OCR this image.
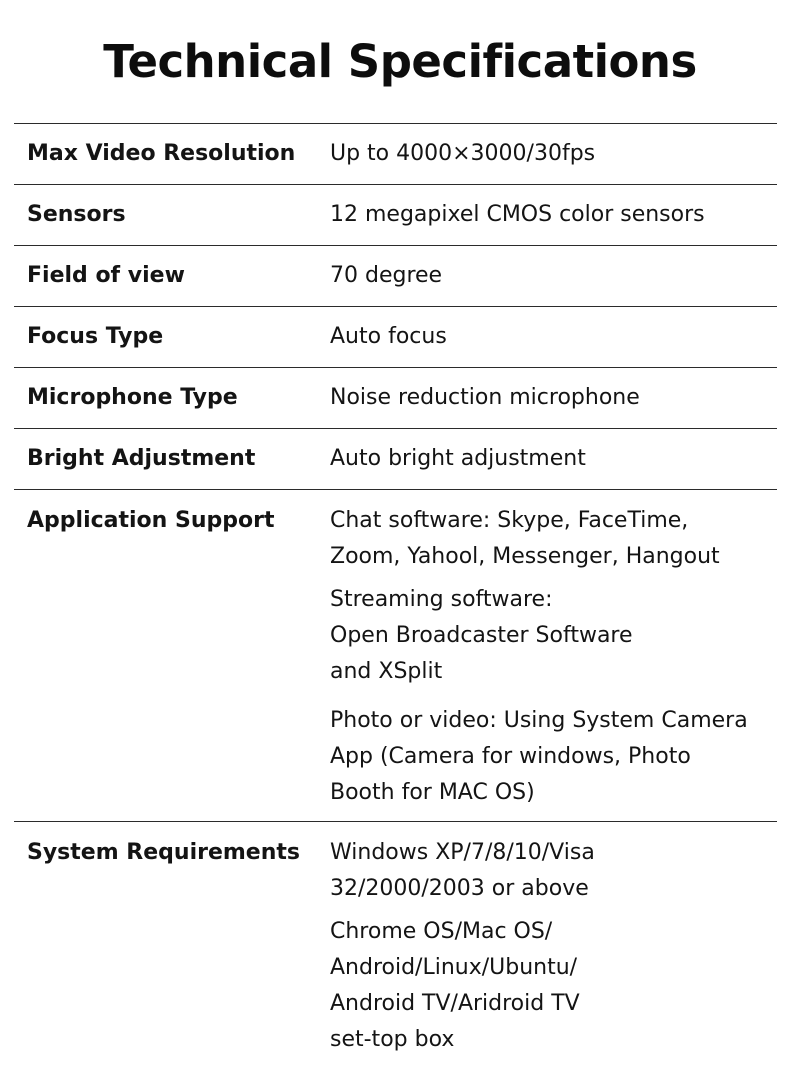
Technical Specifications
Max Video Resolution	Up to 4000×3000/30fps
Sensors	12 megapixel CMOS color sensors
Field of view	70 degree
Focus Type	Auto focus
Microphone Type	Noise reduction microphone
Bright Adjustment	Auto bright adjustment
Application Support	Chat software: Skype, FaceTime,
Zoom, Yahool, Messenger, Hangout

Streaming software:
Open Broadcaster Software
and XSplit

Photo or video: Using System Camera
App (Camera for windows, Photo
Booth for MAC OS)

System Requirements	Windows XP/7/8/10/Visa
32/2000/2003 or above

Chrome OS/Mac OS/
Android/Linux/Ubuntu/
Android TV/Aridroid TV
set-top box
